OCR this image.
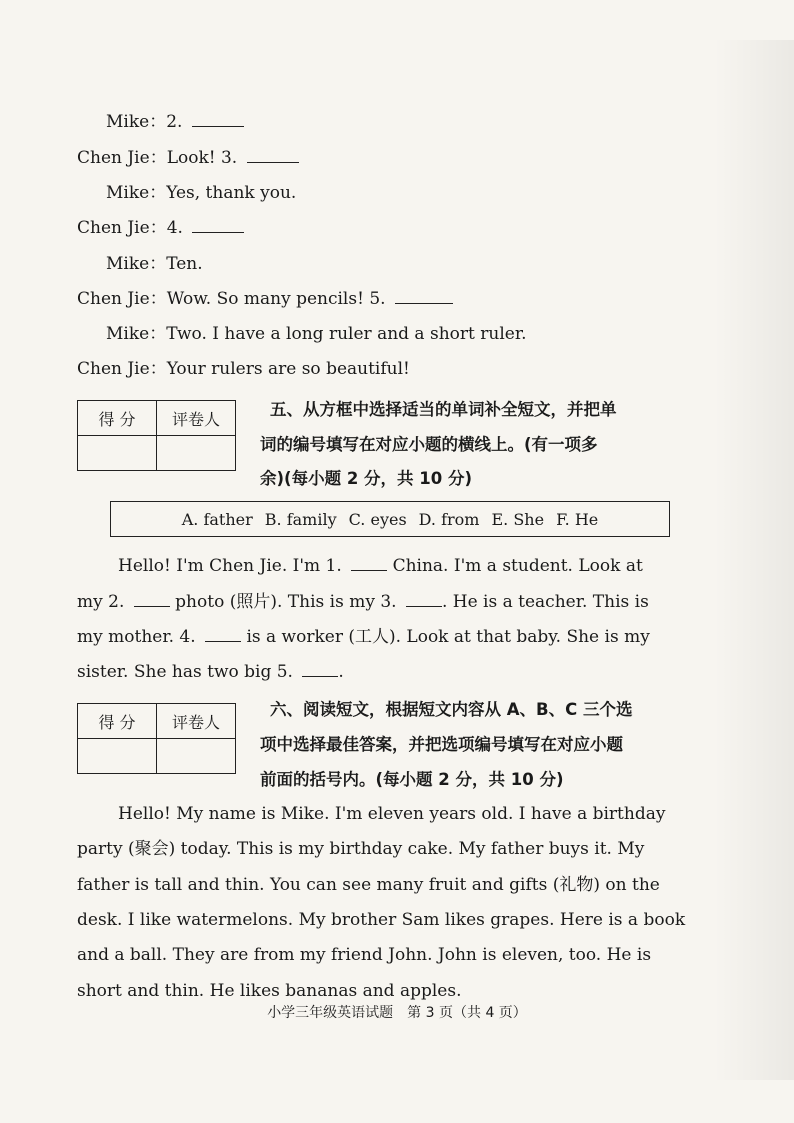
Mike：2.
Chen Jie：Look! 3.
Mike：Yes, thank you.
Chen Jie：4.
Mike：Ten.
Chen Jie：Wow. So many pencils! 5.
Mike：Two. I have a long ruler and a short ruler.
Chen Jie：Your rulers are so beautiful!
得 分	评卷人
		五、从方框中选择适当的单词补全短文，并把单
词的编号填写在对应小题的横线上。(有一项多
余)(每小题 2 分，共 10 分)
A. father B. family C. eyes D. from E. She F. He
Hello! I'm Chen Jie. I'm 1.	China. I'm a student. Look at
my 2.	photo (照片). This is my 3.	. He is a teacher. This is
my mother. 4.	is a worker (工人). Look at that baby. She is my
sister. She has two big 5.	.
得 分	评卷人

六、阅读短文，根据短文内容从 A、B、C 三个选
项中选择最佳答案，并把选项编号填写在对应小题
前面的括号内。(每小题 2 分，共 10 分)
Hello! My name is Mike. I'm eleven years old. I have a birthday
party (聚会) today. This is my birthday cake. My father buys it. My
father is tall and thin. You can see many fruit and gifts (礼物) on the
desk. I like watermelons. My brother Sam likes grapes. Here is a book
and a ball. They are from my friend John. John is eleven, too. He is
short and thin. He likes bananas and apples.
小学三年级英语试题　第 3 页（共 4 页）
